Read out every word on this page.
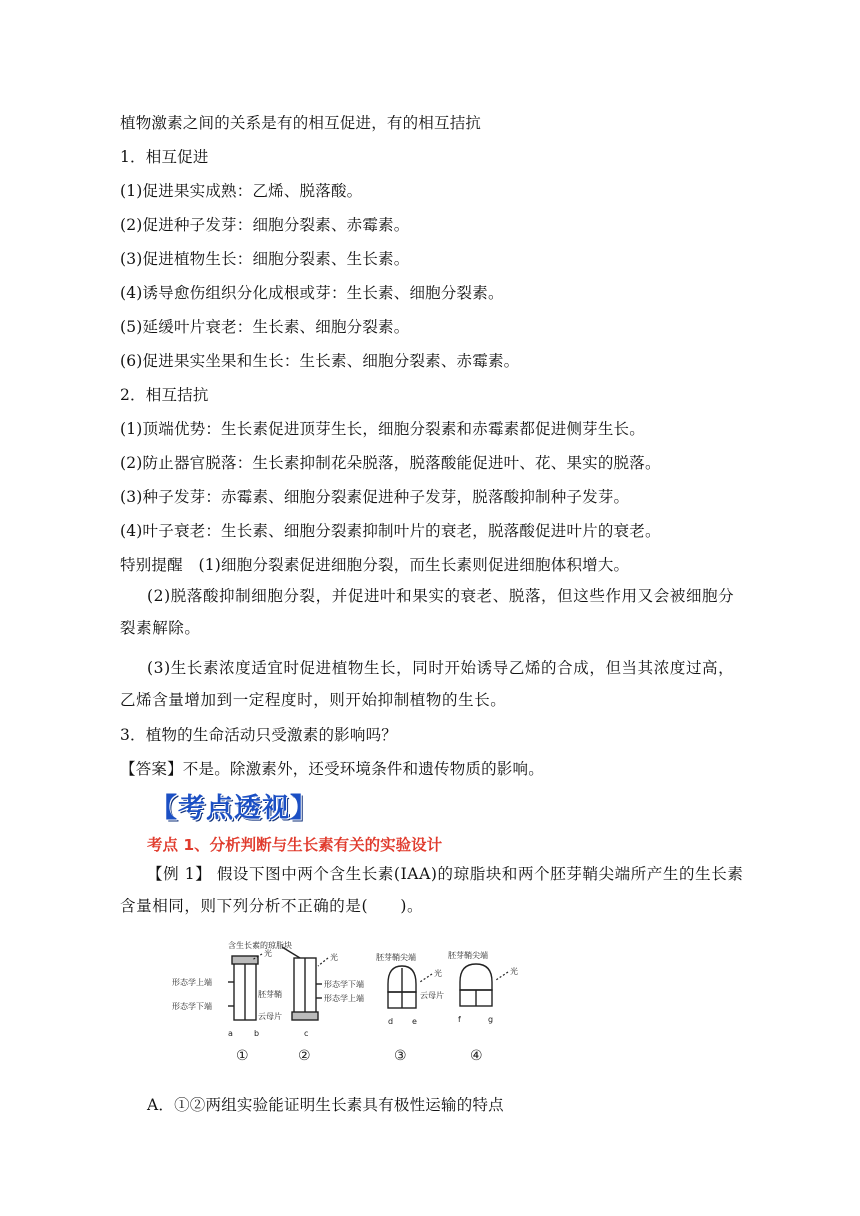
植物激素之间的关系是有的相互促进，有的相互拮抗
1．相互促进
(1)促进果实成熟：乙烯、脱落酸。
(2)促进种子发芽：细胞分裂素、赤霉素。
(3)促进植物生长：细胞分裂素、生长素。
(4)诱导愈伤组织分化成根或芽：生长素、细胞分裂素。
(5)延缓叶片衰老：生长素、细胞分裂素。
(6)促进果实坐果和生长：生长素、细胞分裂素、赤霉素。
2．相互拮抗
(1)顶端优势：生长素促进顶芽生长，细胞分裂素和赤霉素都促进侧芽生长。
(2)防止器官脱落：生长素抑制花朵脱落，脱落酸能促进叶、花、果实的脱落。
(3)种子发芽：赤霉素、细胞分裂素促进种子发芽，脱落酸抑制种子发芽。
(4)叶子衰老：生长素、细胞分裂素抑制叶片的衰老，脱落酸促进叶片的衰老。
特别提醒　(1)细胞分裂素促进细胞分裂，而生长素则促进细胞体积增大。
(2)脱落酸抑制细胞分裂，并促进叶和果实的衰老、脱落，但这些作用又会被细胞分裂素解除。
(3)生长素浓度适宜时促进植物生长，同时开始诱导乙烯的合成，但当其浓度过高，乙烯含量增加到一定程度时，则开始抑制植物的生长。
3．植物的生命活动只受激素的影响吗？
【答案】不是。除激素外，还受环境条件和遗传物质的影响。
【考点透视】
考点 1、分析判断与生长素有关的实验设计
【例 1】 假设下图中两个含生长素(IAA)的琼脂块和两个胚芽鞘尖端所产生的生长素含量相同，则下列分析不正确的是(　　)。
含生长素的琼脂块
光	光
光	光
形态学上端
形态学下端
胚芽鞘
云母片
形态学下端
形态学上端
胚芽鞘尖端	胚芽鞘尖端
云母片
a	b	c
d e	f	g
①	②	③	④
A．①②两组实验能证明生长素具有极性运输的特点
